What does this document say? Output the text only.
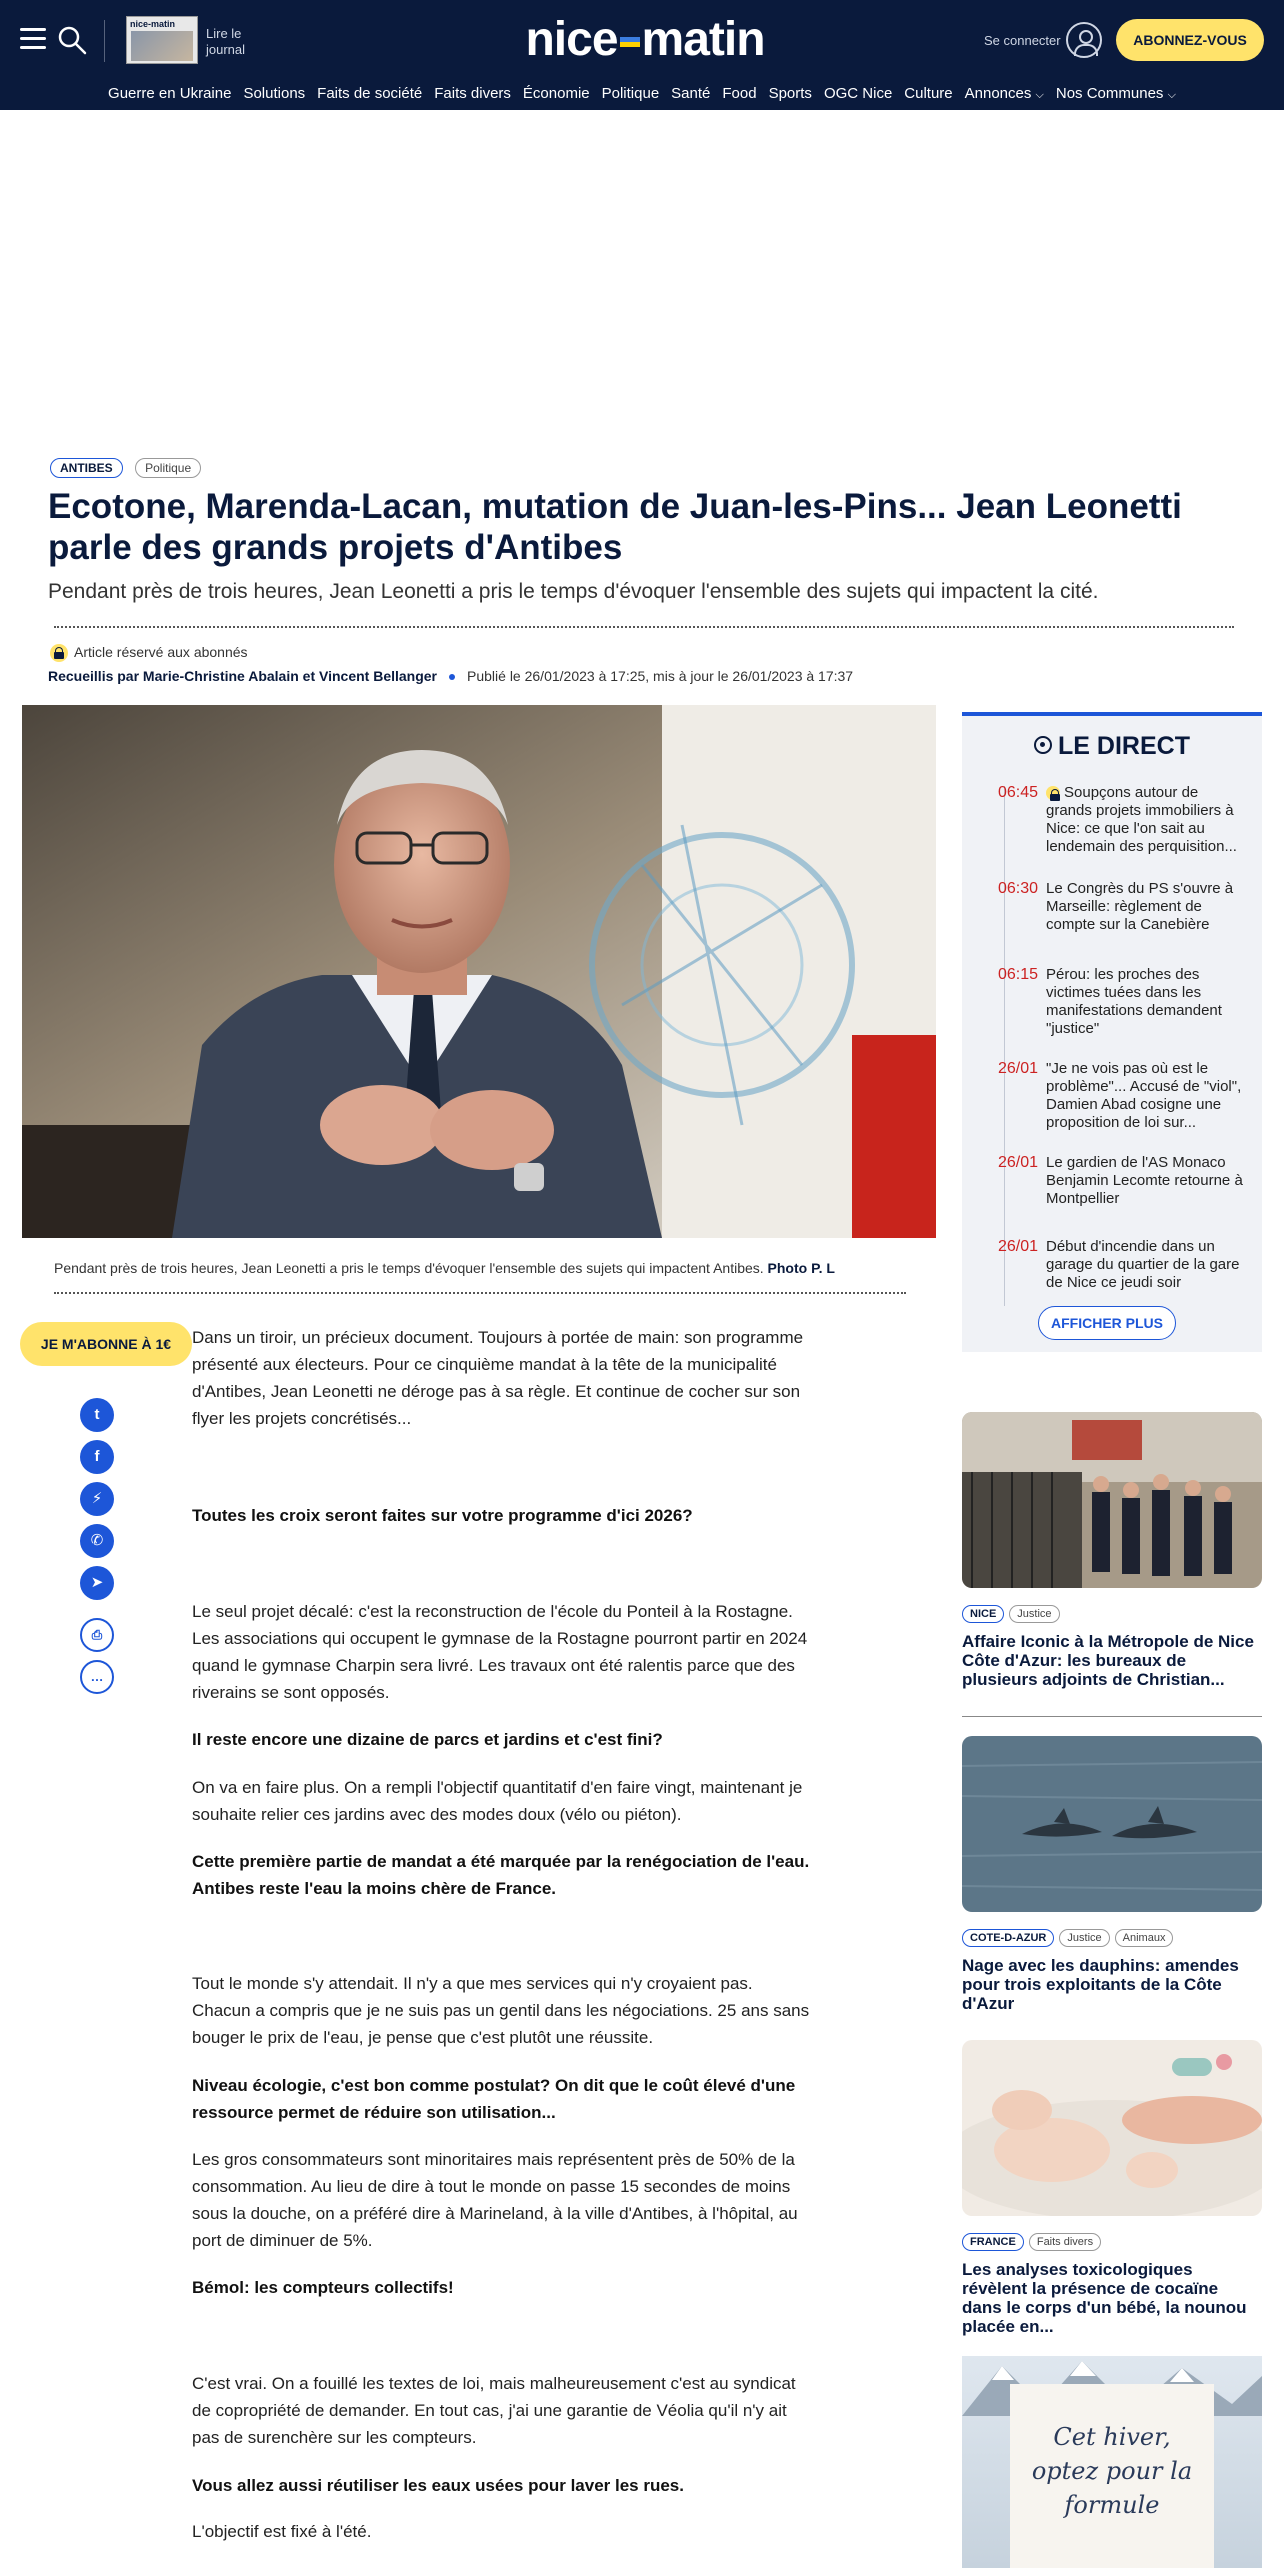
nice-matin
Lire le journal	nice matin	Se connecter	ABONNEZ-VOUS
Guerre en Ukraine Solutions Faits de société Faits divers Économie Politique Santé Food Sports OGC Nice Culture Annonces ⌵ Nos Communes ⌵
ANTIBES	Politique
Ecotone, Marenda-Lacan, mutation de Juan-les-Pins... Jean Leonetti parle des grands projets d'Antibes

Pendant près de trois heures, Jean Leonetti a pris le temps d'évoquer l'ensemble des sujets qui impactent la cité.

Article réservé aux abonnés
Recueillis par Marie-Christine Abalain et Vincent Bellanger Publié le 26/01/2023 à 17:25, mis à jour le 26/01/2023 à 17:37
Pendant près de trois heures, Jean Leonetti a pris le temps d'évoquer l'ensemble des sujets qui impactent Antibes. Photo P. L
JE M'ABONNE À 1€
t
f
⚡
✆
➤
⎙
…

Dans un tiroir, un précieux document. Toujours à portée de main: son programme présenté aux électeurs. Pour ce cinquième mandat à la tête de la municipalité d'Antibes, Jean Leonetti ne déroge pas à sa règle. Et continue de cocher sur son flyer les projets concrétisés...

Toutes les croix seront faites sur votre programme d'ici 2026?

Le seul projet décalé: c'est la reconstruction de l'école du Ponteil à la Rostagne. Les associations qui occupent le gymnase de la Rostagne pourront partir en 2024 quand le gymnase Charpin sera livré. Les travaux ont été ralentis parce que des riverains se sont opposés.

Il reste encore une dizaine de parcs et jardins et c'est fini?

On va en faire plus. On a rempli l'objectif quantitatif d'en faire vingt, maintenant je souhaite relier ces jardins avec des modes doux (vélo ou piéton).

Cette première partie de mandat a été marquée par la renégociation de l'eau. Antibes reste l'eau la moins chère de France.

Tout le monde s'y attendait. Il n'y a que mes services qui n'y croyaient pas. Chacun a compris que je ne suis pas un gentil dans les négociations. 25 ans sans bouger le prix de l'eau, je pense que c'est plutôt une réussite.

Niveau écologie, c'est bon comme postulat? On dit que le coût élevé d'une ressource permet de réduire son utilisation...

Les gros consommateurs sont minoritaires mais représentent près de 50% de la consommation. Au lieu de dire à tout le monde on passe 15 secondes de moins sous la douche, on a préféré dire à Marineland, à la ville d'Antibes, à l'hôpital, au port de diminuer de 5%.

Bémol: les compteurs collectifs!

C'est vrai. On a fouillé les textes de loi, mais malheureusement c'est au syndicat de copropriété de demander. En tout cas, j'ai une garantie de Véolia qu'il n'y ait pas de surenchère sur les compteurs.

Vous allez aussi réutiliser les eaux usées pour laver les rues.

L'objectif est fixé à l'été.

LE DIRECT
06:45	Soupçons autour de grands projets immobiliers à Nice: ce que l'on sait au lendemain des perquisition...
06:30 Le Congrès du PS s'ouvre à Marseille: règlement de compte sur la Canebière
06:15 Pérou: les proches des victimes tuées dans les manifestations demandent "justice"
26/01 "Je ne vois pas où est le problème"... Accusé de "viol", Damien Abad cosigne une proposition de loi sur...
26/01 Le gardien de l'AS Monaco Benjamin Lecomte retourne à Montpellier
26/01 Début d'incendie dans un garage du quartier de la gare de Nice ce jeudi soir
AFFICHER PLUS
NICE Justice
Affaire Iconic à la Métropole de Nice Côte d'Azur: les bureaux de plusieurs adjoints de Christian...
COTE-D-AZUR Justice Animaux
Nage avec les dauphins: amendes pour trois exploitants de la Côte d'Azur
FRANCE Faits divers
Les analyses toxicologiques révèlent la présence de cocaïne dans le corps d'un bébé, la nounou placée en...
Cet hiver,
optez pour la formule
